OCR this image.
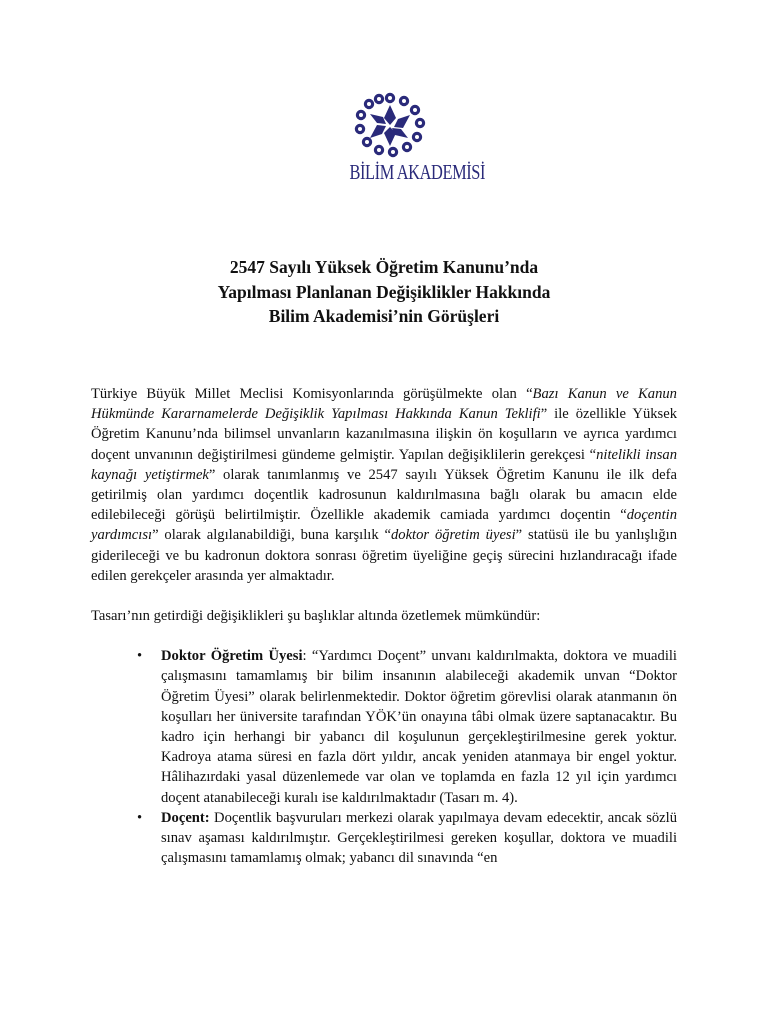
BİLİM AKADEMİSİ
2547 Sayılı Yüksek Öğretim Kanunu’nda
Yapılması Planlanan Değişiklikler Hakkında
Bilim Akademisi’nin Görüşleri

Türkiye Büyük Millet Meclisi Komisyonlarında görüşülmekte olan “Bazı Kanun ve Kanun Hükmünde Kararnamelerde Değişiklik Yapılması Hakkında Kanun Teklifi” ile özellikle Yüksek Öğretim Kanunu’nda bilimsel unvanların kazanılmasına ilişkin ön koşulların ve ayrıca yardımcı doçent unvanının değiştirilmesi gündeme gelmiştir. Yapılan değişiklilerin gerekçesi “nitelikli insan kaynağı yetiştirmek” olarak tanımlanmış ve 2547 sayılı Yüksek Öğretim Kanunu ile ilk defa getirilmiş olan yardımcı doçentlik kadrosunun kaldırılmasına bağlı olarak bu amacın elde edilebileceği görüşü belirtilmiştir. Özellikle akademik camiada yardımcı doçentin “doçentin yardımcısı” olarak algılanabildiği, buna karşılık “doktor öğretim üyesi” statüsü ile bu yanlışlığın giderileceği ve bu kadronun doktora sonrası öğretim üyeliğine geçiş sürecini hızlandıracağı ifade edilen gerekçeler arasında yer almaktadır.

Tasarı’nın getirdiği değişiklikleri şu başlıklar altında özetlemek mümkündür:

• Doktor Öğretim Üyesi: “Yardımcı Doçent” unvanı kaldırılmakta, doktora ve muadili çalışmasını tamamlamış bir bilim insanının alabileceği akademik unvan “Doktor Öğretim Üyesi” olarak belirlenmektedir. Doktor öğretim görevlisi olarak atanmanın ön koşulları her üniversite tarafından YÖK’ün onayına tâbi olmak üzere saptanacaktır. Bu kadro için herhangi bir yabancı dil koşulunun gerçekleştirilmesine gerek yoktur. Kadroya atama süresi en fazla dört yıldır, ancak yeniden atanmaya bir engel yoktur. Hâlihazırdaki yasal düzenlemede var olan ve toplamda en fazla 12 yıl için yardımcı doçent atanabileceği kuralı ise kaldırılmaktadır (Tasarı m. 4).
• Doçent: Doçentlik başvuruları merkezi olarak yapılmaya devam edecektir, ancak sözlü sınav aşaması kaldırılmıştır. Gerçekleştirilmesi gereken koşullar, doktora ve muadili çalışmasını tamamlamış olmak; yabancı dil sınavında “en
